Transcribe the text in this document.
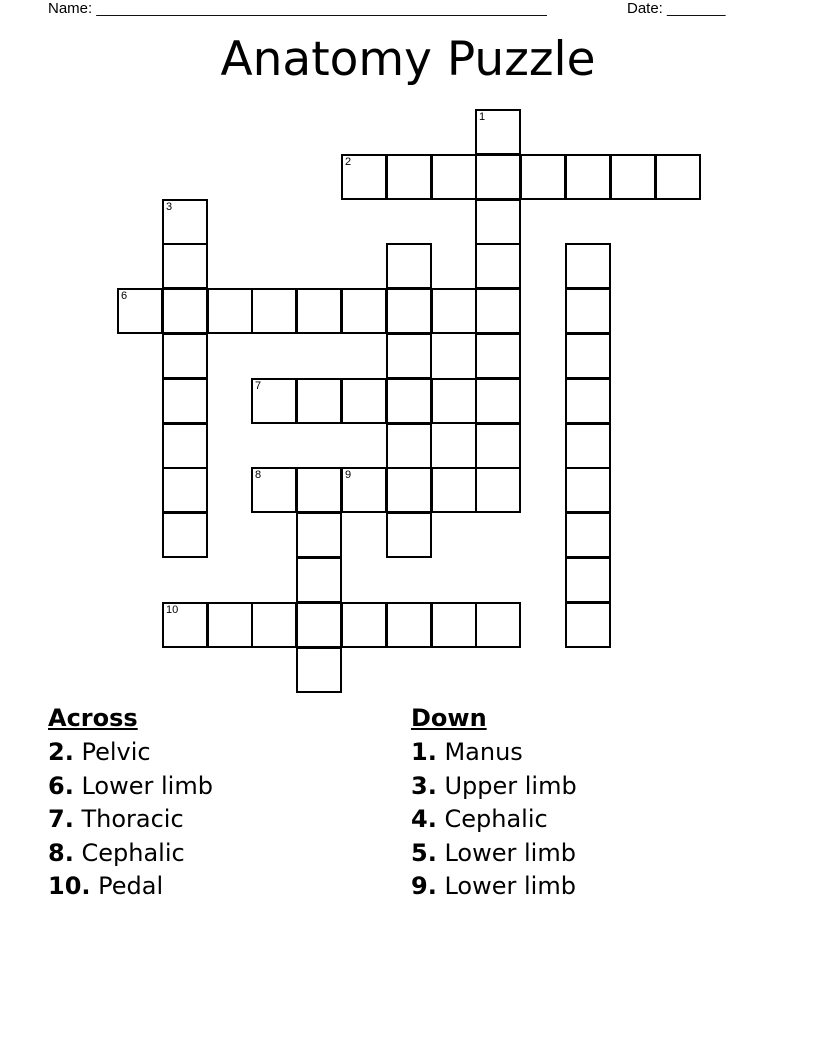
Name: ______________________________________________________	Date: _______
Anatomy Puzzle
1
2
3
6
7
8	9
10
Across
2. Pelvic
6. Lower limb
7. Thoracic
8. Cephalic
10. Pedal
Down
1. Manus
3. Upper limb
4. Cephalic
5. Lower limb
9. Lower limb
